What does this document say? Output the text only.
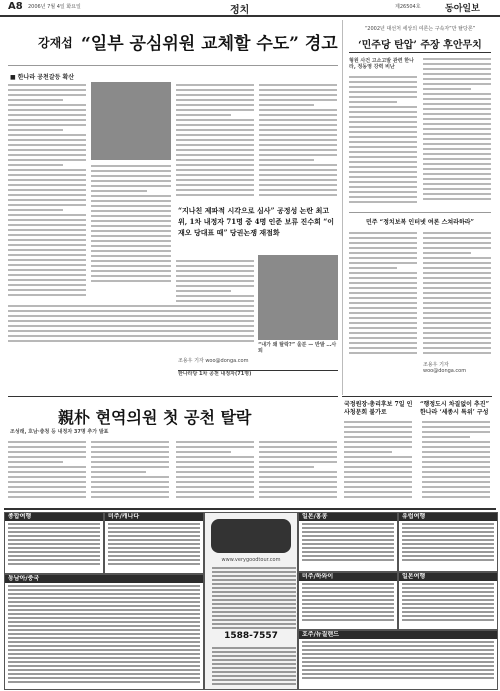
A8 2006년 7월 4일 화요일	정치	제26504호	동아일보
강재섭 “일부 공심위원 교체할 수도” 경고
■ 한나라 공천갈등 확산
“지나친 제파적 시각으로 심사” 공정성 논란 최고위, 1차 내정자 71명 중 4명 인준 보류 진수희 “이재오 당대표 때” 당권논쟁 재점화
“내가 왜 탈락?” 울분 — 반발 …사퇴
조용우 기자 woo@donga.com
한나라당 1차 공천 내정자(71명)
“2002년 대선처 세상의 여론는 구속자”만 탈당론”
‘민주당 탄압’ 주장 후안무치
형원 사건 고소고발 관련 한나라, 정동영 강력 비난
민주 “정치보복 인터넷 여론 스쳐라하라”
조용우 기자 woo@donga.com
親朴 현역의원 첫 공천 탈락
조성래, 호남·충청 등 내정자 37명 추가 발표
국정원장·총리후보 7일 인사청문회 불가로
“행정도시 차질없이 추진” 한나라 ‘세종시 특위’ 구성
종합여행	미주/캐나다
동남아/중국
www.verygoodtour.com
1588-7557
일본/홍콩	유럽여행
미주/하와이	일본여행
호주/뉴질랜드
